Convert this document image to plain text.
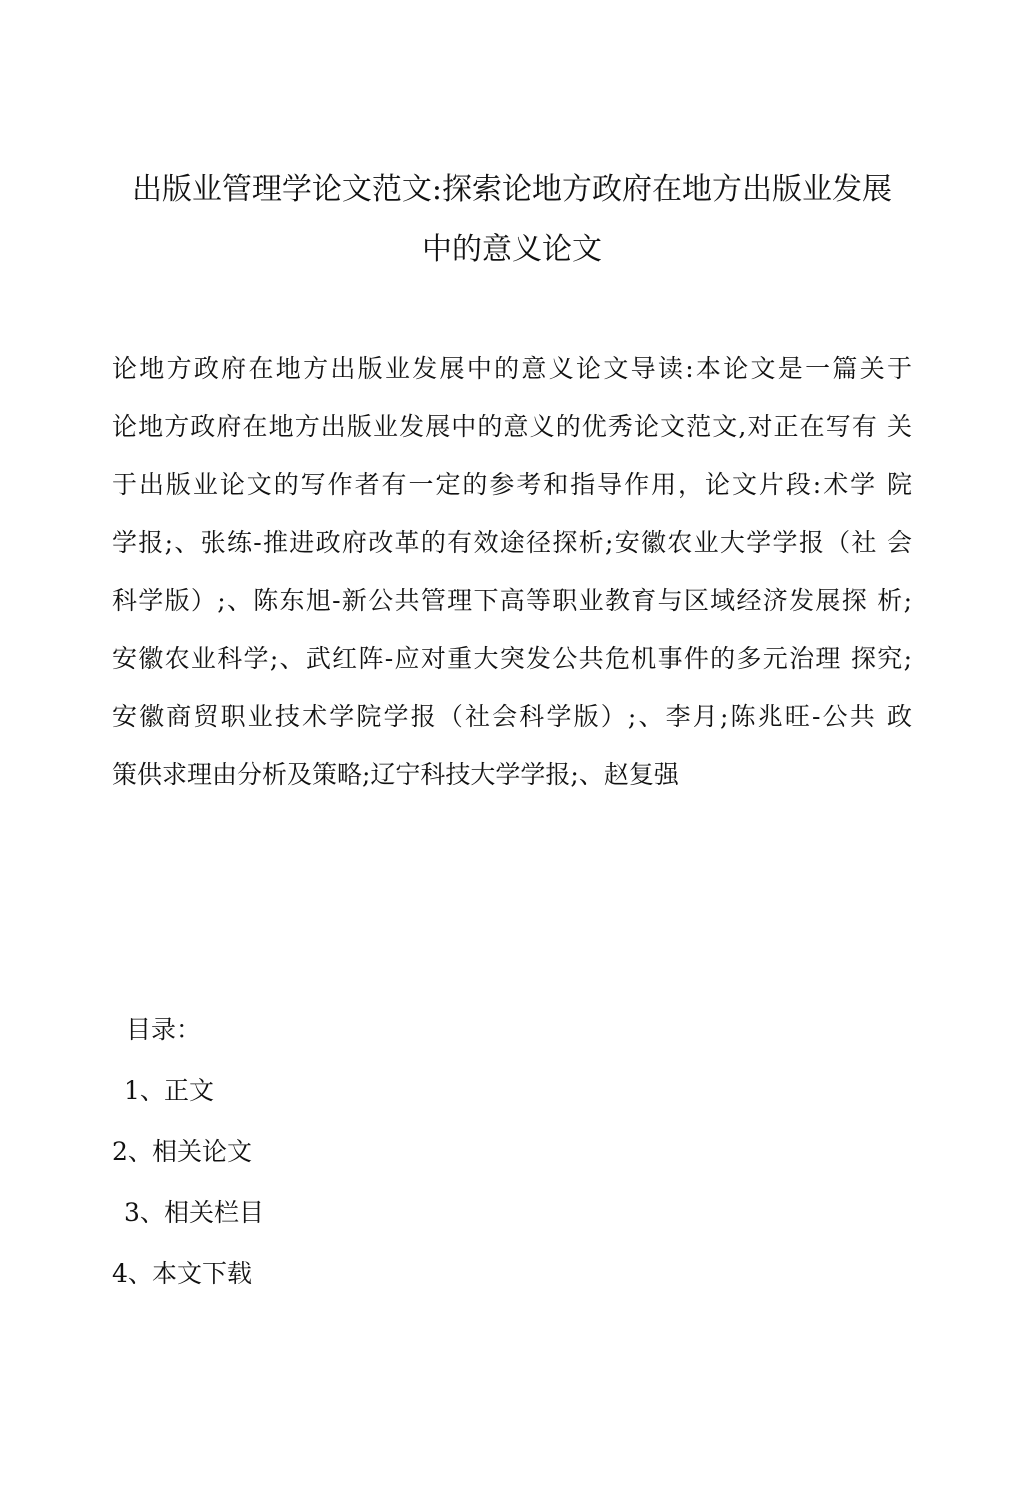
出版业管理学论文范文:探索论地方政府在地方出版业发展
中的意义论文
论地方政府在地方出版业发展中的意义论文导读:本论文是一篇关于
论地方政府在地方出版业发展中的意义的优秀论文范文,对正在写有 关
于出版业论文的写作者有一定的参考和指导作用，论文片段:术学 院
学报;、张练-推进政府改革的有效途径探析;安徽农业大学学报（社 会
科学版）;、陈东旭-新公共管理下高等职业教育与区域经济发展探 析;
安徽农业科学;、武红阵-应对重大突发公共危机事件的多元治理 探究;
安徽商贸职业技术学院学报（社会科学版）;、李月;陈兆旺-公共 政
策供求理由分析及策略;辽宁科技大学学报;、赵复强
目录：
1、正文
2、相关论文
3、相关栏目
4、本文下载
